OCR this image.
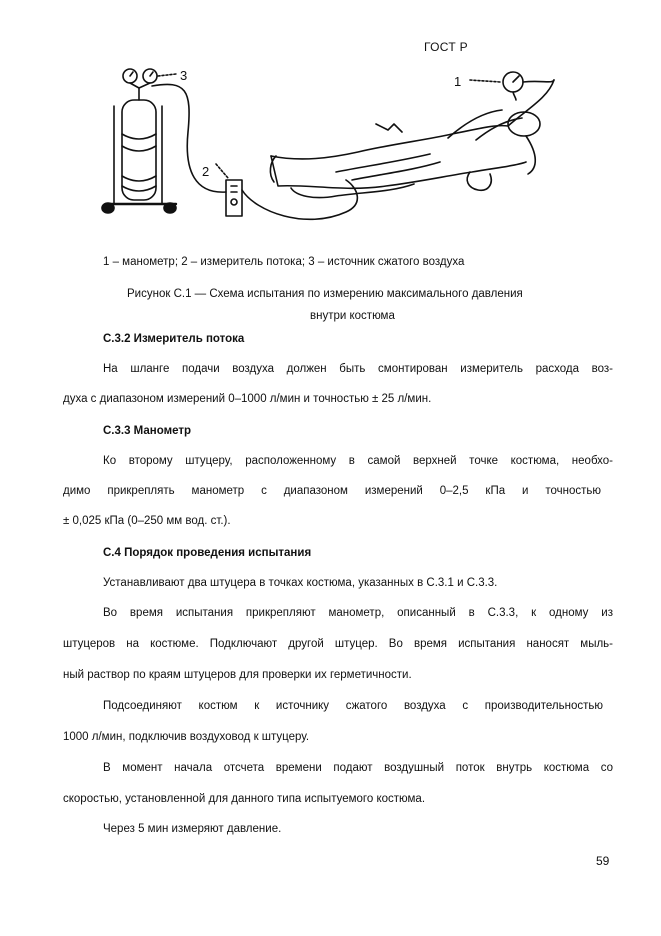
ГОСТ Р
1
2
3
1 – манометр; 2 – измеритель потока; 3 – источник сжатого воздуха
Рисунок С.1 — Схема испытания по измерению максимального давления
внутри костюма
С.3.2 Измеритель потока
На шланге подачи воздуха должен быть смонтирован измеритель расхода воз-
духа с диапазоном измерений 0–1000 л/мин и точностью ± 25 л/мин.
С.3.3 Манометр
Ко второму штуцеру, расположенному в самой верхней точке костюма, необхо-
димо прикреплять манометр с диапазоном измерений 0–2,5 кПа и точностью
± 0,025 кПа (0–250 мм вод. ст.).
С.4 Порядок проведения испытания
Устанавливают два штуцера в точках костюма, указанных в С.3.1 и С.3.3.
Во время испытания прикрепляют манометр, описанный в С.3.3, к одному из
штуцеров на костюме. Подключают другой штуцер. Во время испытания наносят мыль-
ный раствор по краям штуцеров для проверки их герметичности.
Подсоединяют костюм к источнику сжатого воздуха с производительностью
1000 л/мин, подключив воздуховод к штуцеру.
В момент начала отсчета времени подают воздушный поток внутрь костюма со
скоростью, установленной для данного типа испытуемого костюма.
Через 5 мин измеряют давление.
59
